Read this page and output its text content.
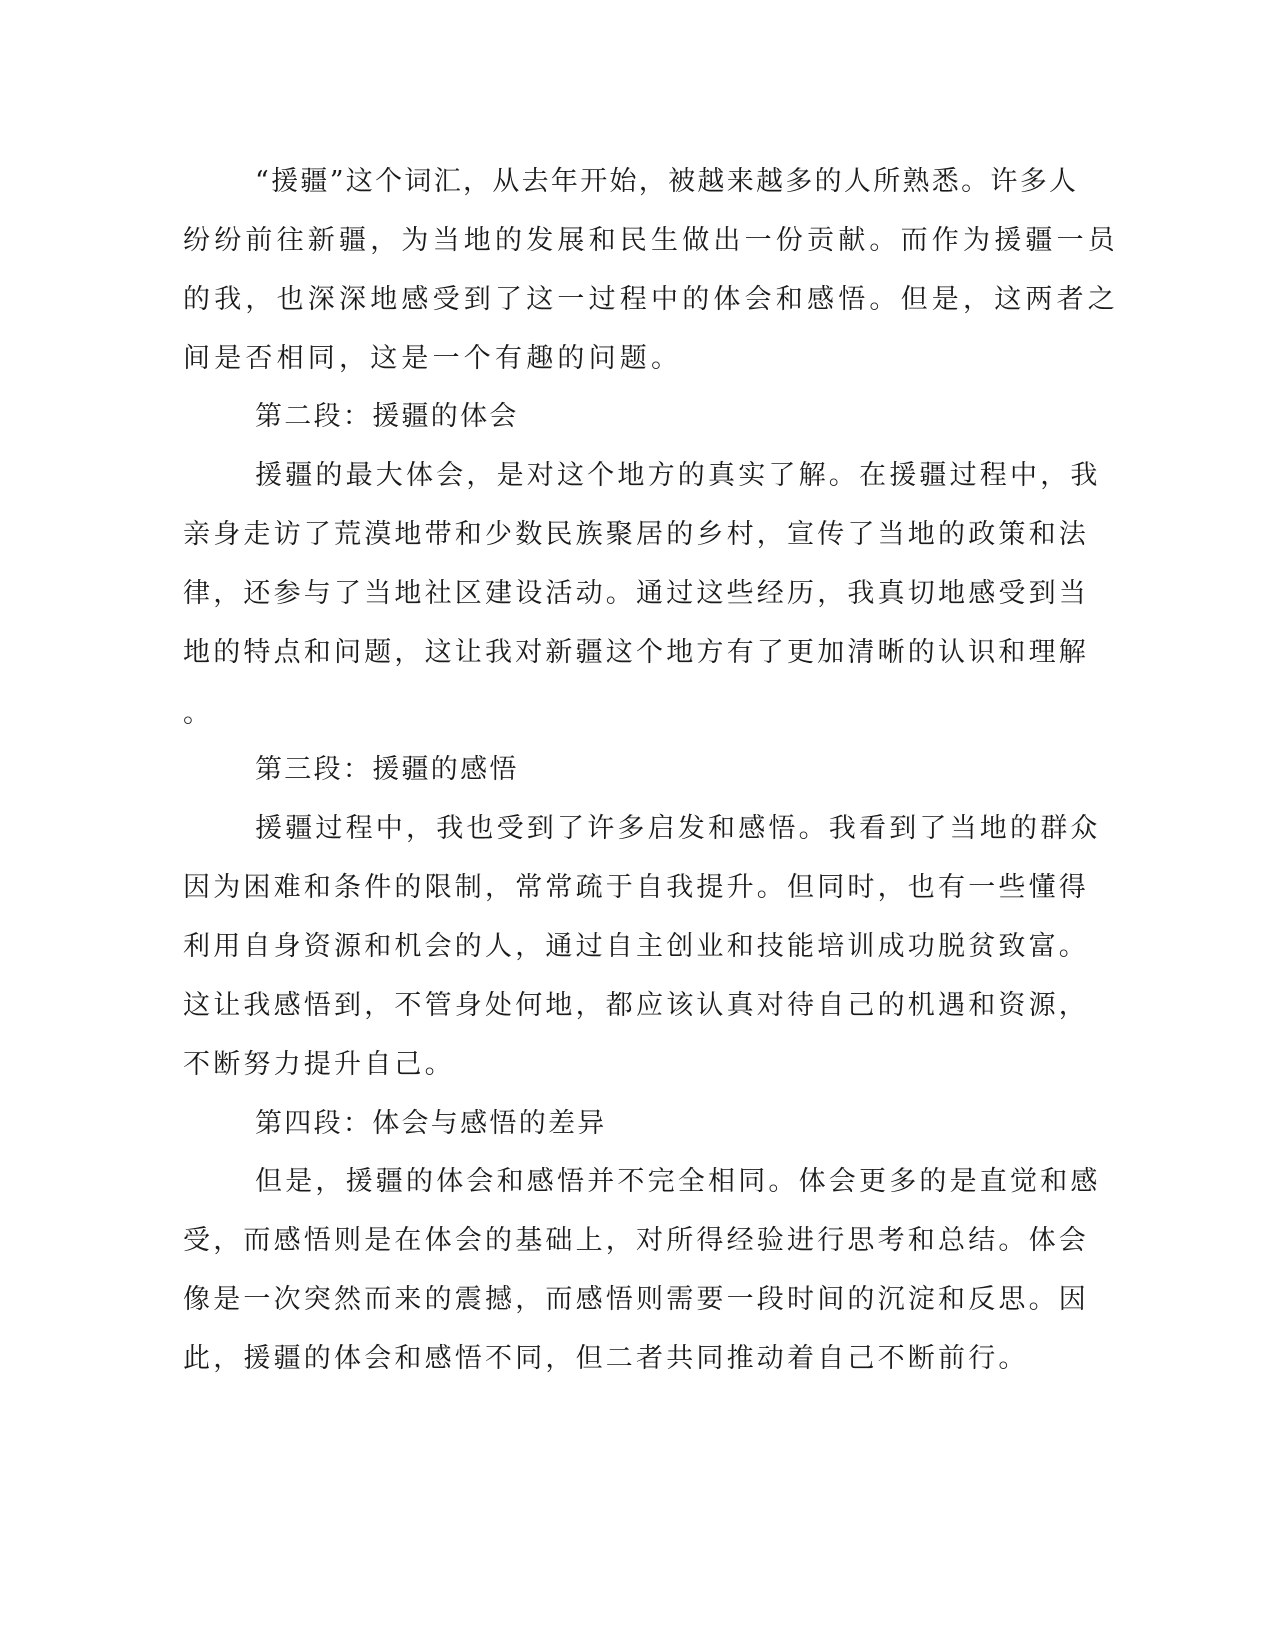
“援疆”这个词汇，从去年开始，被越来越多的人所熟悉。许多人
纷纷前往新疆，为当地的发展和民生做出一份贡献。而作为援疆一员
的我，也深深地感受到了这一过程中的体会和感悟。但是，这两者之
间是否相同，这是一个有趣的问题。
第二段：援疆的体会
援疆的最大体会，是对这个地方的真实了解。在援疆过程中，我
亲身走访了荒漠地带和少数民族聚居的乡村，宣传了当地的政策和法
律，还参与了当地社区建设活动。通过这些经历，我真切地感受到当
地的特点和问题，这让我对新疆这个地方有了更加清晰的认识和理解
。
第三段：援疆的感悟
援疆过程中，我也受到了许多启发和感悟。我看到了当地的群众
因为困难和条件的限制，常常疏于自我提升。但同时，也有一些懂得
利用自身资源和机会的人，通过自主创业和技能培训成功脱贫致富。
这让我感悟到，不管身处何地，都应该认真对待自己的机遇和资源，
不断努力提升自己。
第四段：体会与感悟的差异
但是，援疆的体会和感悟并不完全相同。体会更多的是直觉和感
受，而感悟则是在体会的基础上，对所得经验进行思考和总结。体会
像是一次突然而来的震撼，而感悟则需要一段时间的沉淀和反思。因
此，援疆的体会和感悟不同，但二者共同推动着自己不断前行。
